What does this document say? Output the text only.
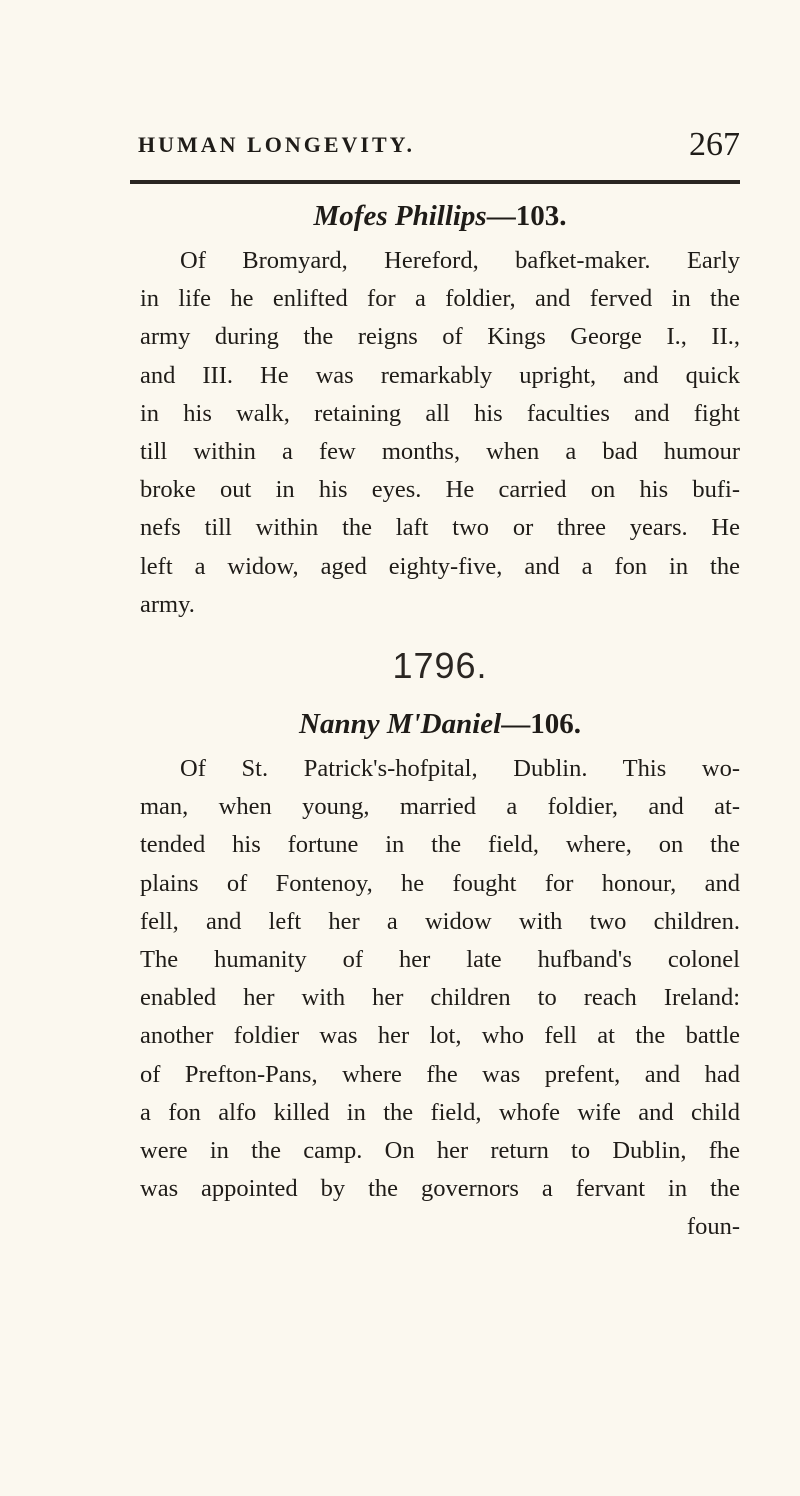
HUMAN LONGEVITY.	267
Mofes Phillips—103.
Of Bromyard, Hereford, bafket-maker. Early
in life he enlifted for a foldier, and ferved in the
army during the reigns of Kings George I., II.,
and III. He was remarkably upright, and quick
in his walk, retaining all his faculties and fight
till within a few months, when a bad humour
broke out in his eyes. He carried on his bufi-
nefs till within the laft two or three years. He
left a widow, aged eighty-five, and a fon in the
army.
1796.
Nanny M'Daniel—106.
Of St. Patrick's-hofpital, Dublin. This wo-
man, when young, married a foldier, and at-
tended his fortune in the field, where, on the
plains of Fontenoy, he fought for honour, and
fell, and left her a widow with two children.
The humanity of her late hufband's colonel
enabled her with her children to reach Ireland:
another foldier was her lot, who fell at the battle
of Prefton-Pans, where fhe was prefent, and had
a fon alfo killed in the field, whofe wife and child
were in the camp. On her return to Dublin, fhe
was appointed by the governors a fervant in the
foun-
